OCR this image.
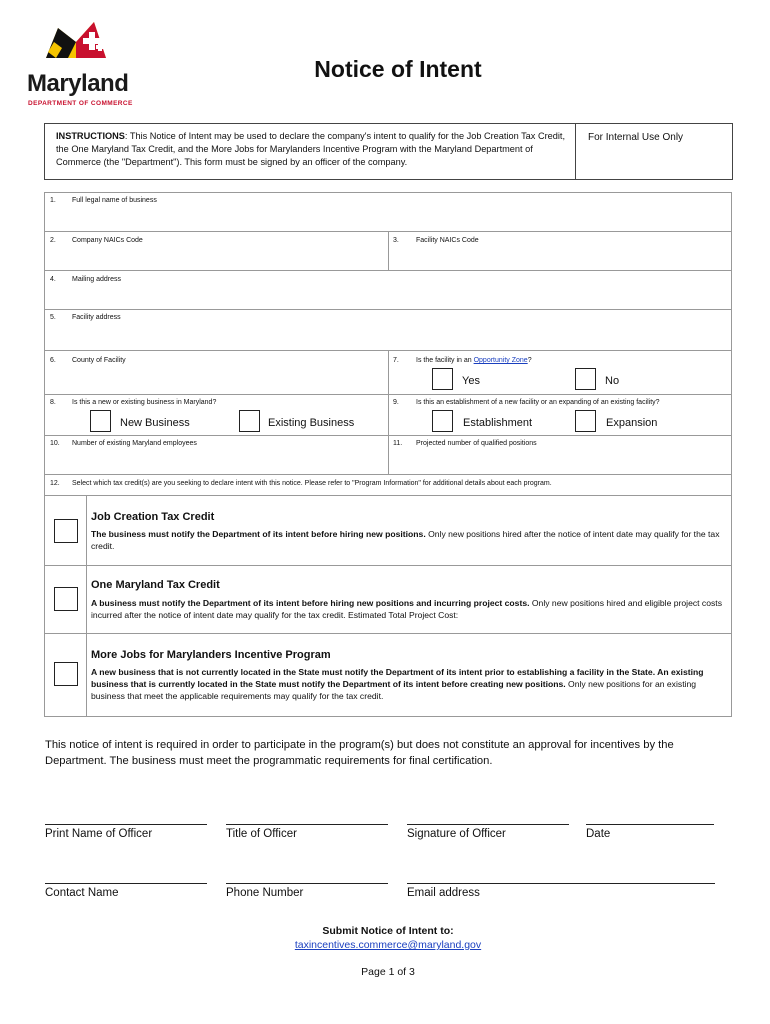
Maryland
DEPARTMENT OF COMMERCE
Notice of Intent
INSTRUCTIONS: This Notice of Intent may be used to declare the company's intent to qualify for the Job Creation Tax Credit, the One Maryland Tax Credit, and the More Jobs for Marylanders Incentive Program with the Maryland Department of Commerce (the "Department"). This form must be signed by an officer of the company.
For Internal Use Only
1. Full legal name of business
2. Company NAICs Code	3. Facility NAICs Code
4. Mailing address
5. Facility address
6. County of Facility	7. Is the facility in an Opportunity Zone?
Yes	No
8. Is this a new or existing business in Maryland?
New Business	Existing Business
9. Is this an establishment of a new facility or an expanding of an existing facility?
Establishment	Expansion
10. Number of existing Maryland employees	11. Projected number of qualified positions
12. Select which tax credit(s) are you seeking to declare intent with this notice. Please refer to "Program Information" for additional details about each program.
Job Creation Tax Credit
The business must notify the Department of its intent before hiring new positions. Only new positions hired after the notice of intent date may qualify for the tax credit.
One Maryland Tax Credit
A business must notify the Department of its intent before hiring new positions and incurring project costs. Only new positions hired and eligible project costs incurred after the notice of intent date may qualify for the tax credit. Estimated Total Project Cost:
More Jobs for Marylanders Incentive Program
A new business that is not currently located in the State must notify the Department of its intent prior to establishing a facility in the State. An existing business that is currently located in the State must notify the Department of its intent before creating new positions. Only new positions for an existing business that meet the applicable requirements may qualify for the tax credit.
This notice of intent is required in order to participate in the program(s) but does not constitute an approval for incentives by the Department. The business must meet the programmatic requirements for final certification.
Print Name of Officer	Title of Officer	Signature of Officer	Date
Contact Name	Phone Number	Email address
Submit Notice of Intent to:
taxincentives.commerce@maryland.gov
Page 1 of 3
